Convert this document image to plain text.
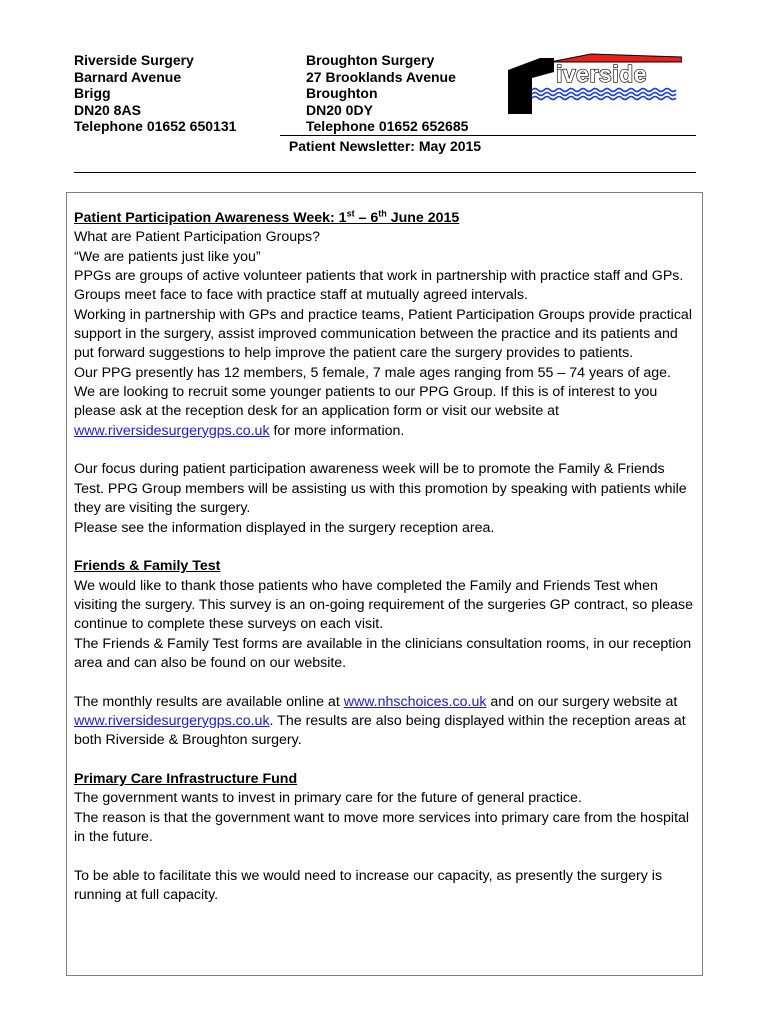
Riverside Surgery
Barnard Avenue
Brigg
DN20 8AS
Telephone 01652 650131
Broughton Surgery
27 Brooklands Avenue
Broughton
DN20 0DY
Telephone 01652 652685
iverside
Patient Newsletter: May 2015

Patient Participation Awareness Week: 1st – 6th June 2015

What are Patient Participation Groups?

“We are patients just like you”

PPGs are groups of active volunteer patients that work in partnership with practice staff and GPs.

Groups meet face to face with practice staff at mutually agreed intervals.

Working in partnership with GPs and practice teams, Patient Participation Groups provide practical support in the surgery, assist improved communication between the practice and its patients and put forward suggestions to help improve the patient care the surgery provides to patients.

Our PPG presently has 12 members, 5 female, 7 male ages ranging from 55 – 74 years of age.

We are looking to recruit some younger patients to our PPG Group. If this is of interest to you please ask at the reception desk for an application form or visit our website at www.riversidesurgerygps.co.uk for more information.

Our focus during patient participation awareness week will be to promote the Family & Friends Test. PPG Group members will be assisting us with this promotion by speaking with patients while they are visiting the surgery.

Please see the information displayed in the surgery reception area.

Friends & Family Test

We would like to thank those patients who have completed the Family and Friends Test when visiting the surgery. This survey is an on-going requirement of the surgeries GP contract, so please continue to complete these surveys on each visit.

The Friends & Family Test forms are available in the clinicians consultation rooms, in our reception area and can also be found on our website.

The monthly results are available online at www.nhschoices.co.uk and on our surgery website at www.riversidesurgerygps.co.uk. The results are also being displayed within the reception areas at both Riverside & Broughton surgery.

Primary Care Infrastructure Fund

The government wants to invest in primary care for the future of general practice.

The reason is that the government want to move more services into primary care from the hospital in the future.

To be able to facilitate this we would need to increase our capacity, as presently the surgery is running at full capacity.
